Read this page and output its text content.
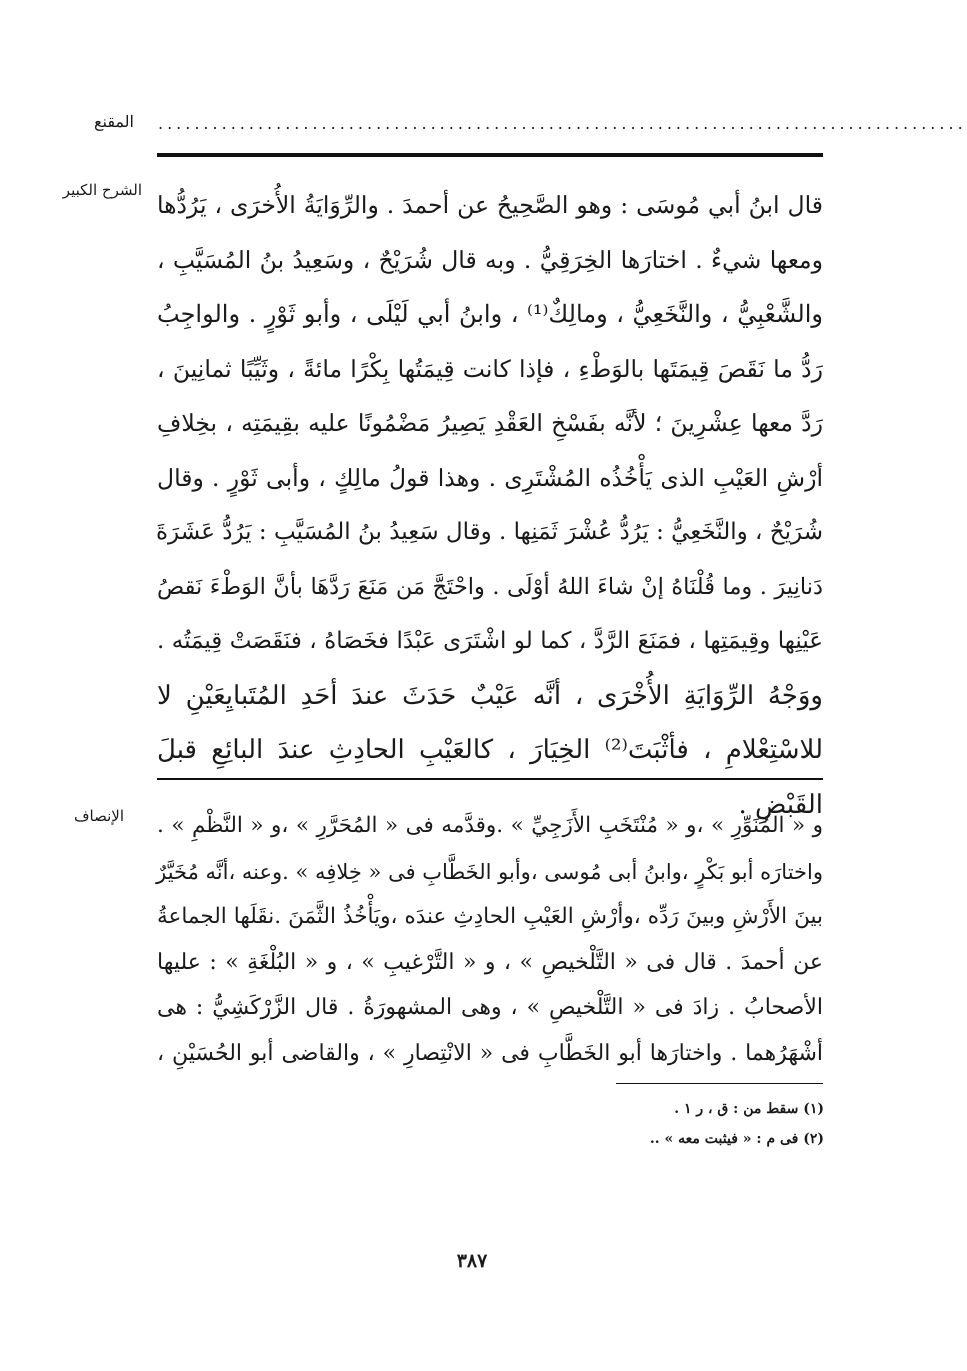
المقنع .........................................................................................
الشرح الكبير
قال ابنُ أبي مُوسَى : وهو الصَّحِيحُ عن أحمدَ . والرِّوَايَةُ الأُخرَى ، يَرُدُّها
ومعها شيءٌ . اختارَها الخِرَقِيُّ . وبه قال شُرَيْحٌ ، وسَعِيدُ بنُ المُسَيَّبِ ،
والشَّعْبِيُّ ، والنَّخَعِيُّ ، ومالِكٌ⁽¹⁾ ، وابنُ أبي لَيْلَى ، وأبو ثَوْرٍ . والواجِبُ
رَدُّ ما نَقَصَ قِيمَتَها بالوَطْءِ ، فإذا كانت قِيمَتُها بِكْرًا مائةً ، وثَيِّبًا ثمانِينَ ،
رَدَّ معها عِشْرِينَ ؛ لأنَّه بفَسْخِ العَقْدِ يَصِيرُ مَضْمُونًا عليه بقِيمَتِه ، بخِلافِ
أرْشِ العَيْبِ الذى يَأْخُذُه المُشْتَرِى . وهذا قولُ مالِكٍ ، وأبى ثَوْرٍ . وقال
شُرَيْحٌ ، والنَّخَعِيُّ : يَرُدُّ عُشْرَ ثَمَنِها . وقال سَعِيدُ بنُ المُسَيَّبِ : يَرُدُّ عَشَرَةَ
دَنانِيرَ . وما قُلْنَاهُ إنْ شاءَ اللهُ أوْلَى . واحْتَجَّ مَن مَنَعَ رَدَّهَا بأنَّ الوَطْءَ نَقصُ
عَيْنِها وقِيمَتِها ، فمَنَعَ الرَّدَّ ، كما لو اشْتَرَى عَبْدًا فخَصَاهُ ، فنَقَصَتْ قِيمَتُه .
ووَجْهُ الرِّوَايَةِ الأُخْرَى ، أنَّه عَيْبٌ حَدَثَ عندَ أحَدِ المُتَبايِعَيْنِ لا
للاسْتِعْلامِ ، فأثْبَتَ⁽²⁾ الخِيَارَ ، كالعَيْبِ الحادِثِ عندَ البائِعِ قبلَ
القَبْضِ .
الإنصاف و « المُنَوِّرِ » ،و « مُنْتَخَبِ الأَزَجِيِّ » .وقدَّمه فى « المُحَرَّرِ » ،و « النَّظْمِ » .
واختارَه أبو بَكْرٍ ،وابنُ أبى مُوسى ،وأبو الخَطَّابِ فى « خِلافِه » .وعنه ،أنَّه مُخَيَّرٌ
بينَ الأَرْشِ وبينَ رَدِّه ،وأرْشِ العَيْبِ الحادِثِ عندَه ،ويَأْخُذُ الثَّمَنَ .نقَلَها الجماعةُ
عن أحمدَ . قال فى « التَّلْخيصِ » ، و « التَّرْغيبِ » ، و « البُلْغَةِ » : عليها
الأصحابُ . زادَ فى « التَّلْخيصِ » ، وهى المشهورَةُ . قال الزَّرْكَشِيُّ : هى
أشْهَرُهما . واختارَها أبو الخَطَّابِ فى « الانْتِصارِ » ، والقاضى أبو الحُسَيْنِ ،
(١) سقط من : ق ، ر ١ .
(٢) فى م : « فيثبت معه » ..
٣٨٧
